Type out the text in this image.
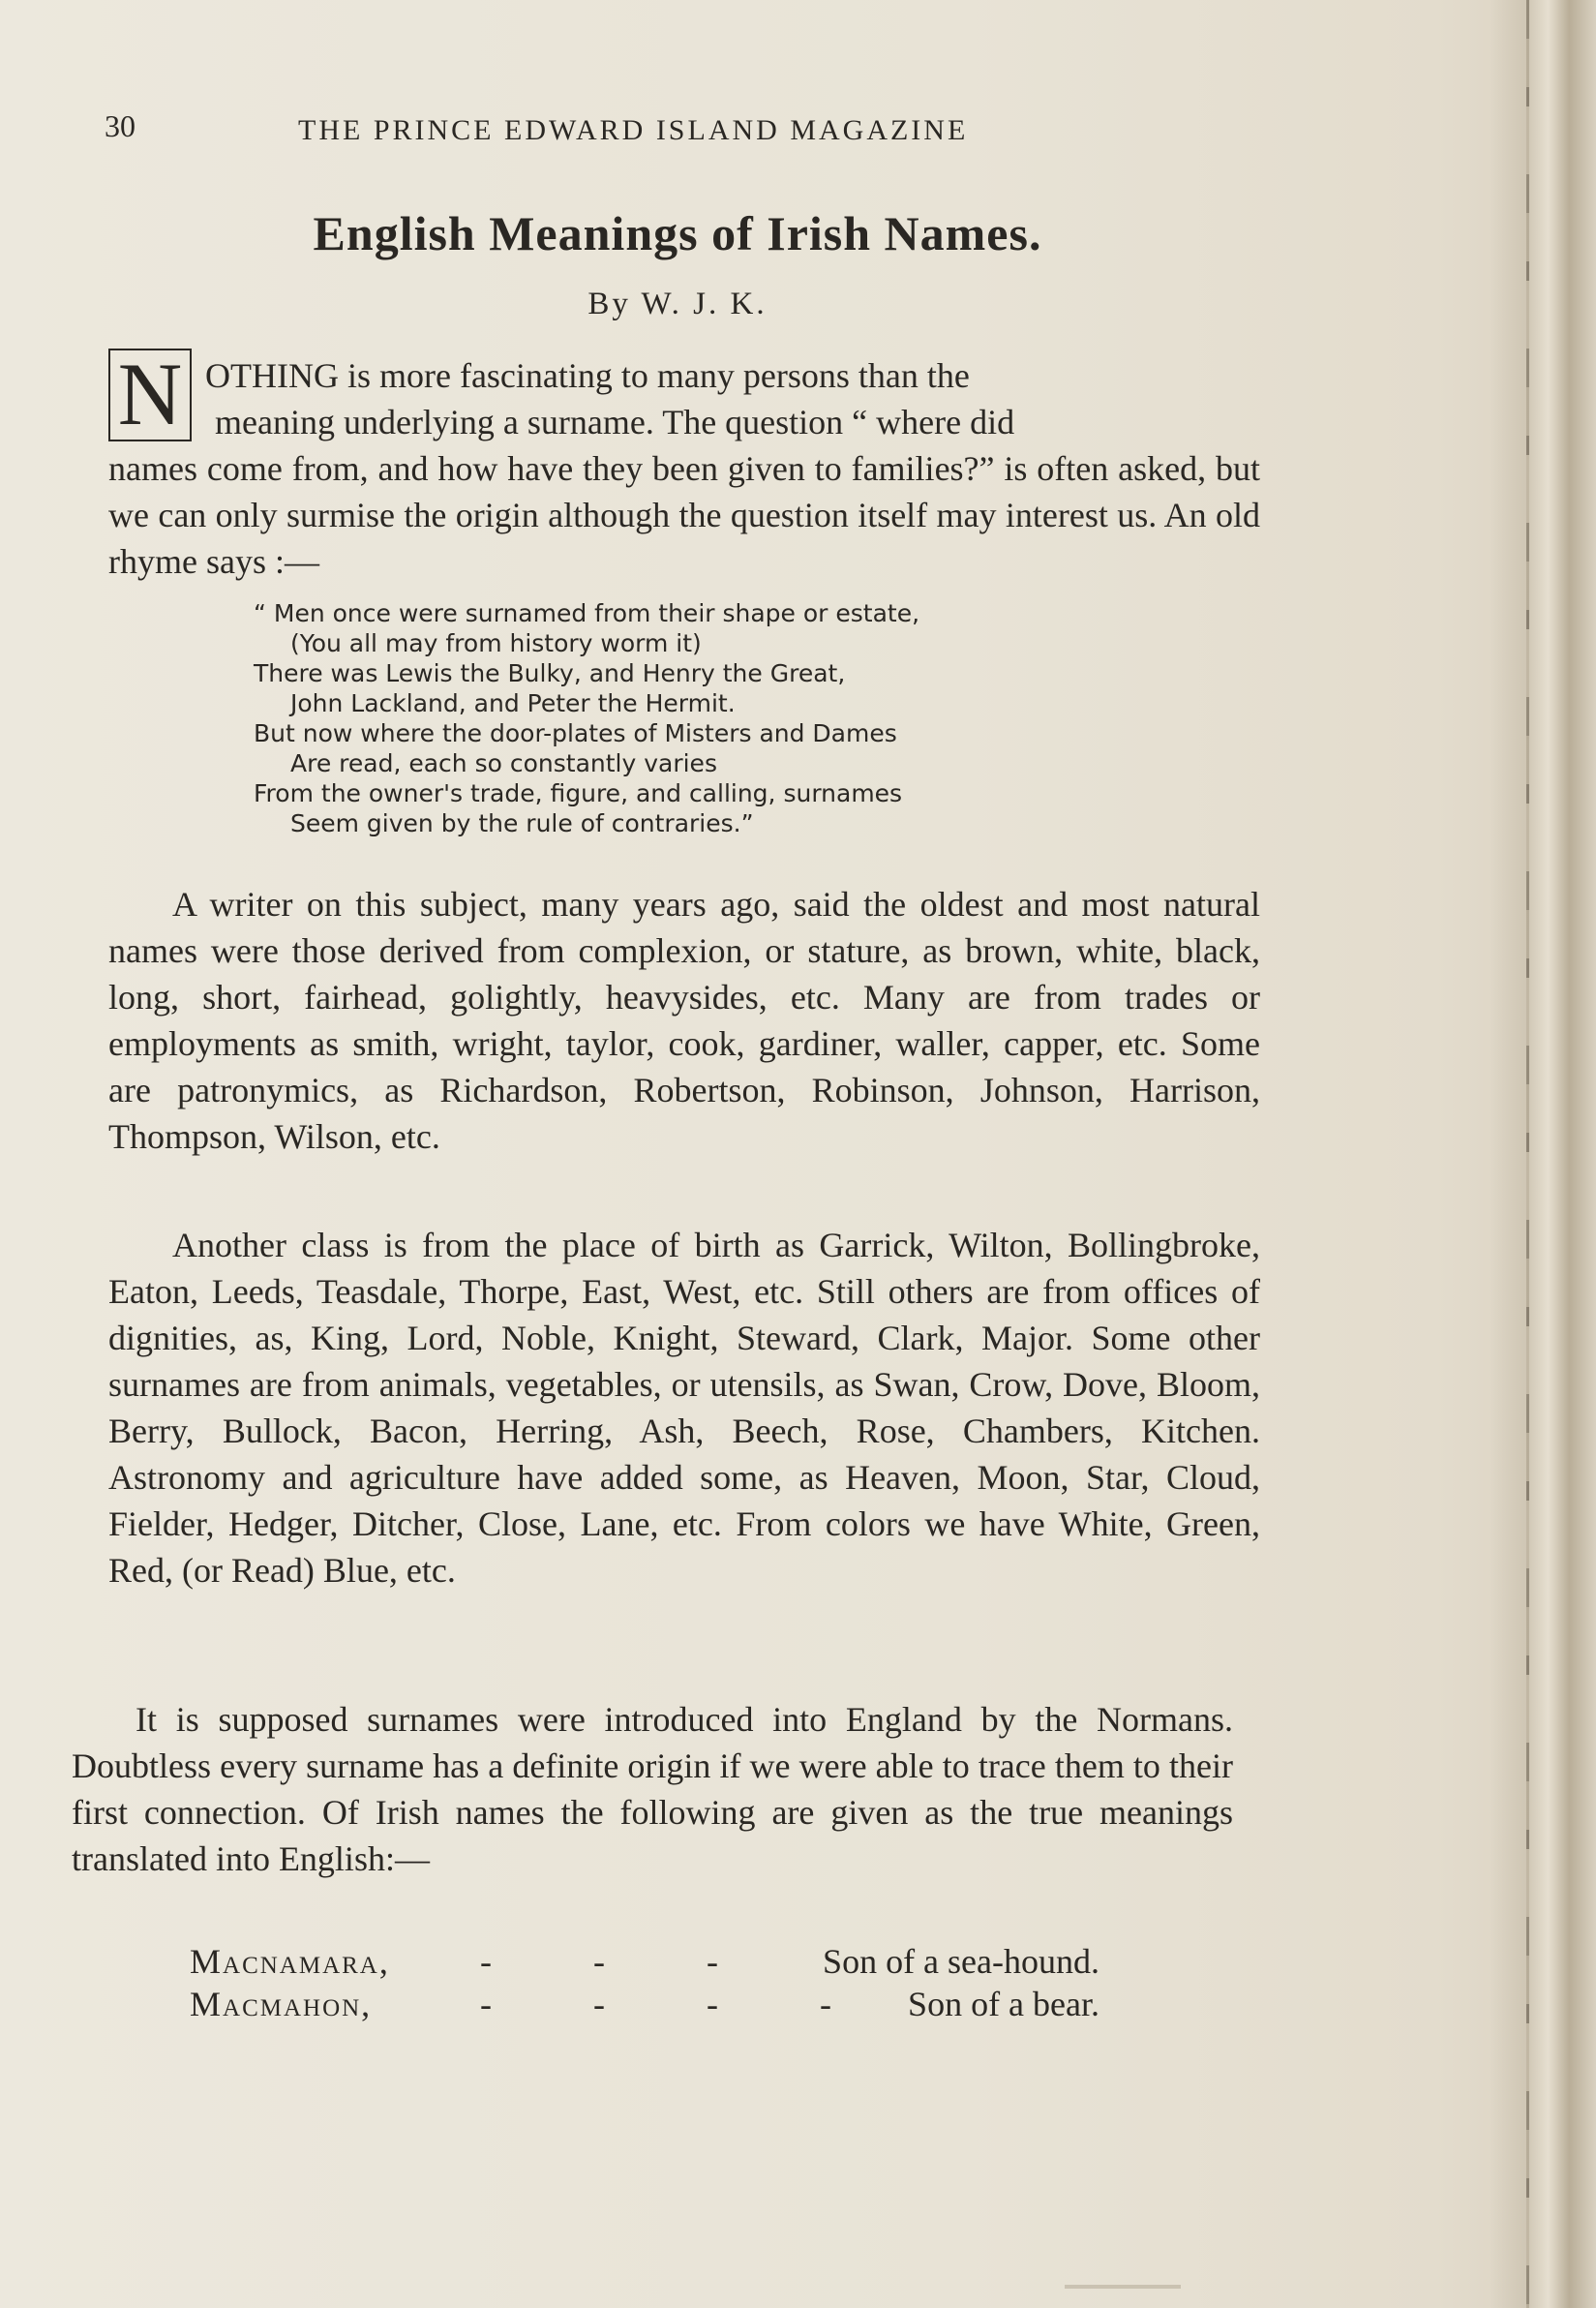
30	THE PRINCE EDWARD ISLAND MAGAZINE
English Meanings of Irish Names.
By W. J. K.
N OTHING is more fascinating to many persons than the

meaning underlying a surname. The question “ where did

names come from, and how have they been given to families?” is often asked, but we can only surmise the origin although the question itself may interest us. An old rhyme says :—

“ Men once were surnamed from their shape or estate,
(You all may from history worm it)
There was Lewis the Bulky, and Henry the Great,
John Lackland, and Peter the Hermit.
But now where the door-plates of Misters and Dames
Are read, each so constantly varies
From the owner's trade, figure, and calling, surnames
Seem given by the rule of contraries.”

A writer on this subject, many years ago, said the oldest and most natural names were those derived from complexion, or stature, as brown, white, black, long, short, fairhead, golightly, heavysides, etc. Many are from trades or employments as smith, wright, taylor, cook, gardiner, waller, capper, etc. Some are patronymics, as Richardson, Robertson, Robinson, Johnson, Harrison, Thompson, Wilson, etc.

Another class is from the place of birth as Garrick, Wilton, Bollingbroke, Eaton, Leeds, Teasdale, Thorpe, East, West, etc. Still others are from offices of dignities, as, King, Lord, Noble, Knight, Steward, Clark, Major. Some other surnames are from animals, vegetables, or utensils, as Swan, Crow, Dove, Bloom, Berry, Bullock, Bacon, Herring, Ash, Beech, Rose, Chambers, Kitchen. Astronomy and agriculture have added some, as Heaven, Moon, Star, Cloud, Fielder, Hedger, Ditcher, Close, Lane, etc. From colors we have White, Green, Red, (or Read) Blue, etc.

It is supposed surnames were introduced into England by the Normans. Doubtless every surname has a definite origin if we were able to trace them to their first connection. Of Irish names the following are given as the true meanings translated into English:—

Macnamara,	- - - Son of a sea-hound.
Macmahon,	- - - - Son of a bear.
